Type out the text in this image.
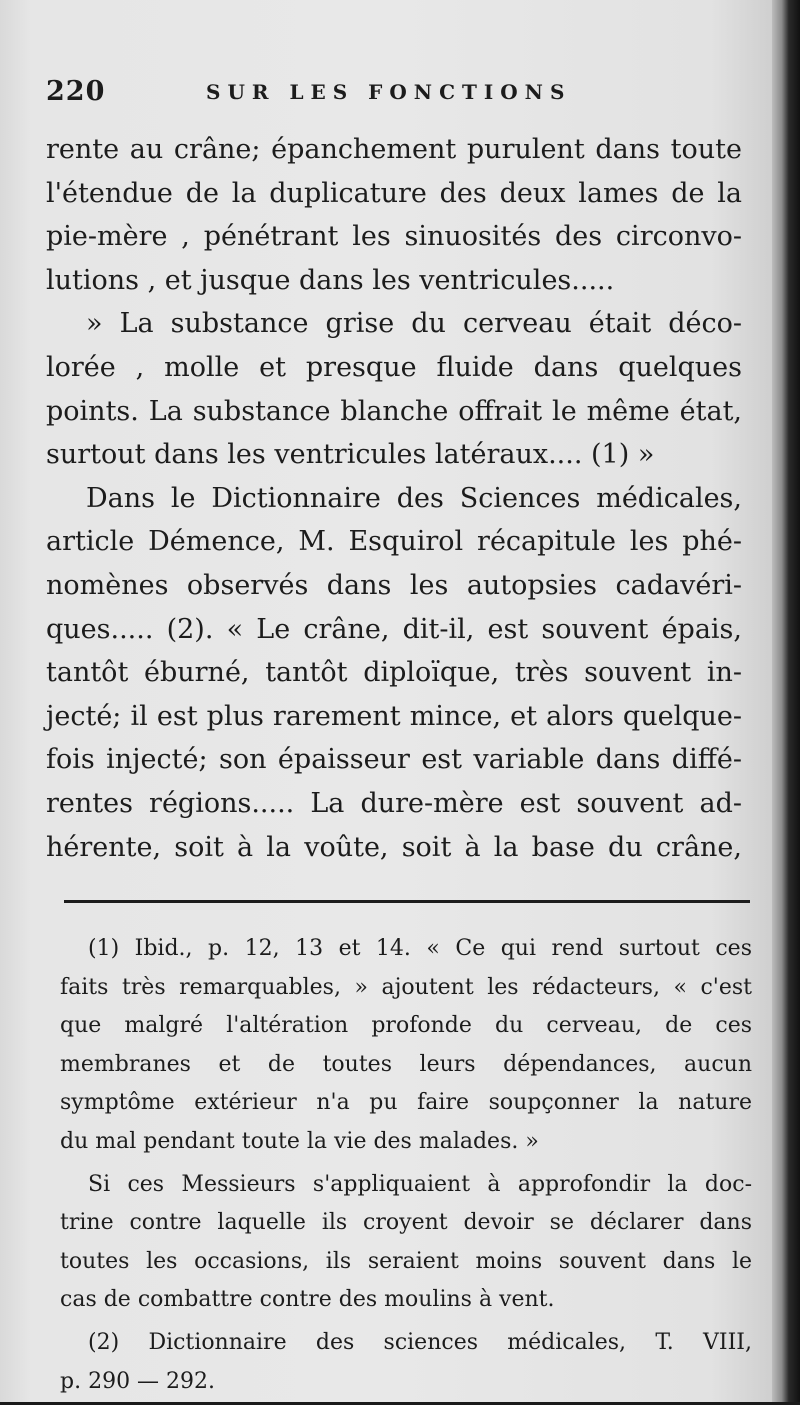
220	SUR LES FONCTIONS

rente au crâne; épanchement purulent dans toute
l'étendue de la duplicature des deux lames de la
pie-mère , pénétrant les sinuosités des circonvo-
lutions , et jusque dans les ventricules.....

» La substance grise du cerveau était déco-
lorée , molle et presque fluide dans quelques
points. La substance blanche offrait le même état,
surtout dans les ventricules latéraux.... (1) »

Dans le Dictionnaire des Sciences médicales,
article Démence, M. Esquirol récapitule les phé-
nomènes observés dans les autopsies cadavéri-
ques..... (2). « Le crâne, dit-il, est souvent épais,
tantôt éburné, tantôt diploïque, très souvent in-
jecté; il est plus rarement mince, et alors quelque-
fois injecté; son épaisseur est variable dans diffé-
rentes régions..... La dure-mère est souvent ad-
hérente, soit à la voûte, soit à la base du crâne,

(1) Ibid., p. 12, 13 et 14. « Ce qui rend surtout ces
faits très remarquables, » ajoutent les rédacteurs, « c'est
que malgré l'altération profonde du cerveau, de ces
membranes et de toutes leurs dépendances, aucun
symptôme extérieur n'a pu faire soupçonner la nature
du mal pendant toute la vie des malades. »
Si ces Messieurs s'appliquaient à approfondir la doc-
trine contre laquelle ils croyent devoir se déclarer dans
toutes les occasions, ils seraient moins souvent dans le
cas de combattre contre des moulins à vent.
(2) Dictionnaire des sciences médicales, T. VIII,
p. 290 — 292.
